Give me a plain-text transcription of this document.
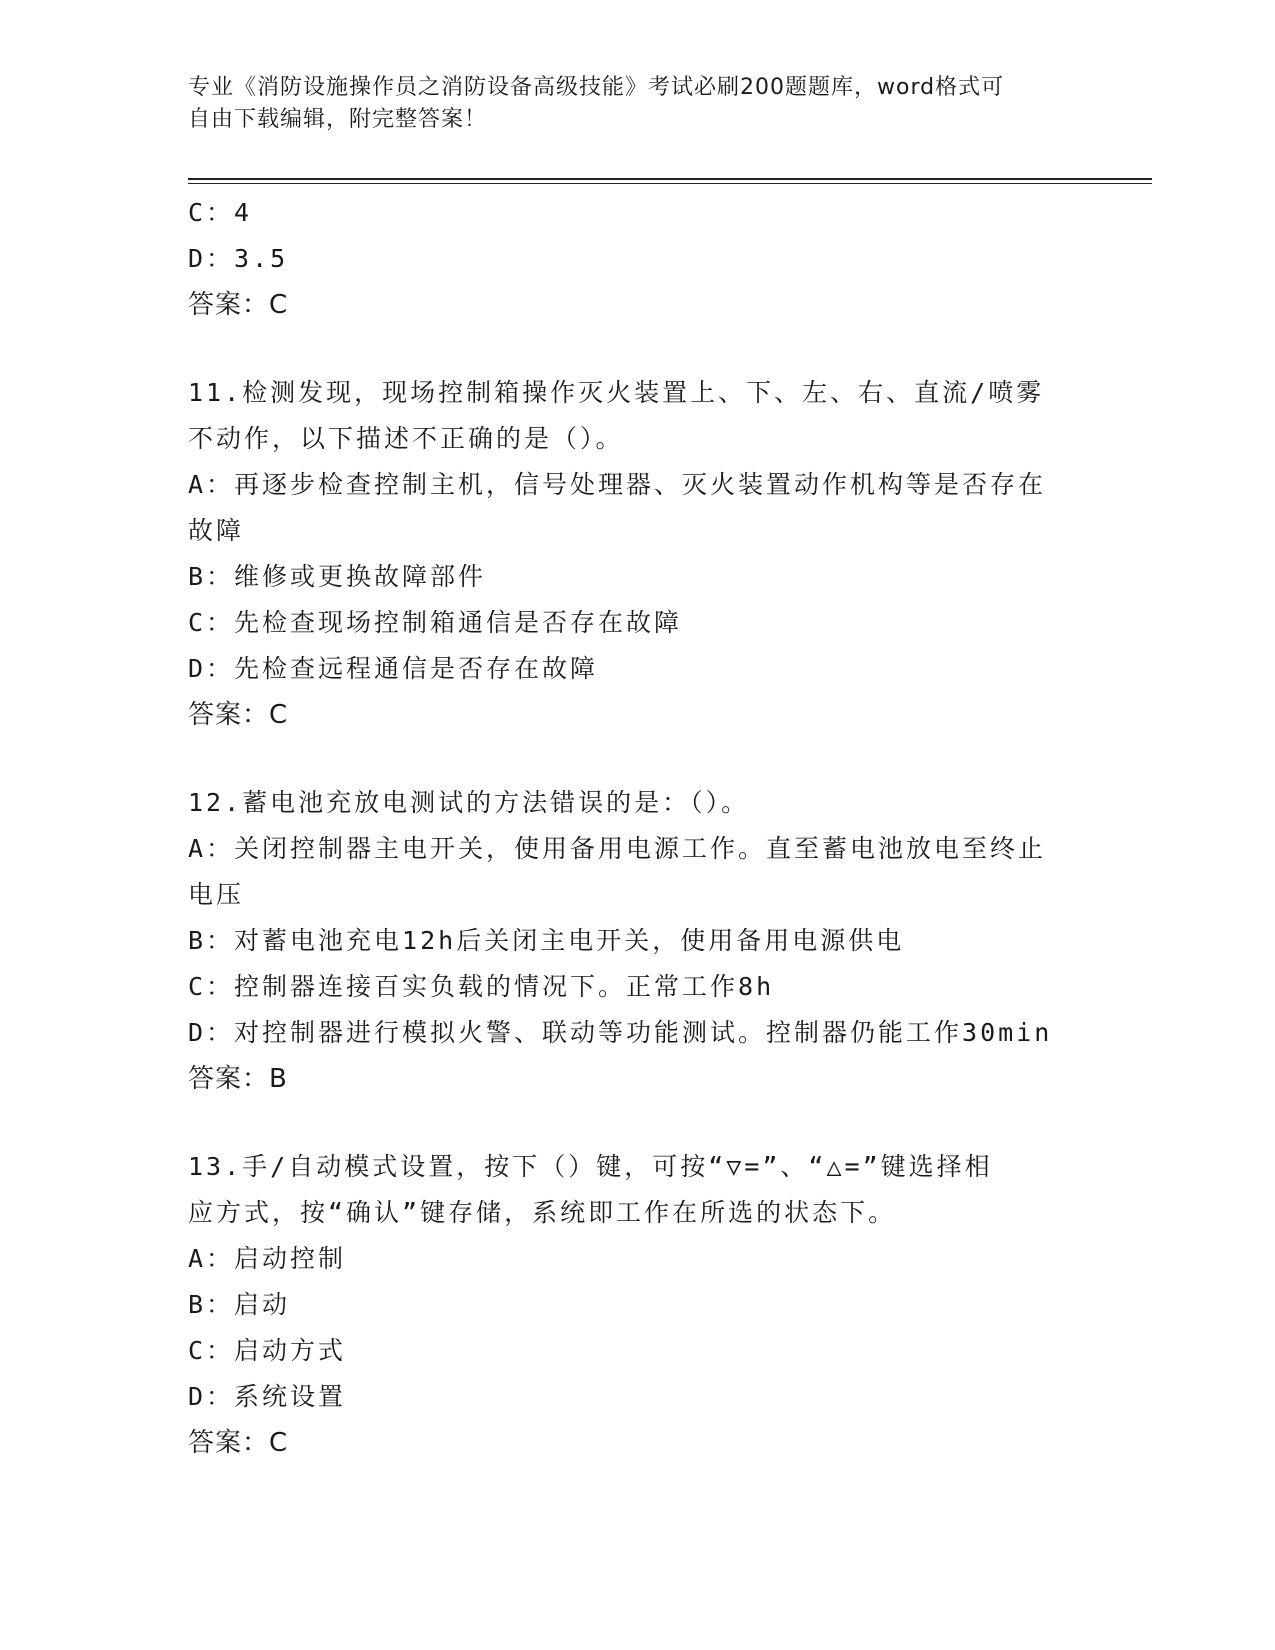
专业《消防设施操作员之消防设备高级技能》考试必刷200题题库，word格式可
自由下载编辑，附完整答案！
C：4
D：3.5
答案：C
11.检测发现，现场控制箱操作灭火装置上、下、左、右、直流/喷雾
不动作，以下描述不正确的是（）。
A：再逐步检查控制主机，信号处理器、灭火装置动作机构等是否存在
故障
B：维修或更换故障部件
C：先检查现场控制箱通信是否存在故障
D：先检查远程通信是否存在故障
答案：C
12.蓄电池充放电测试的方法错误的是：（）。
A：关闭控制器主电开关，使用备用电源工作。直至蓄电池放电至终止
电压
B：对蓄电池充电12h后关闭主电开关，使用备用电源供电
C：控制器连接百实负载的情况下。正常工作8h
D：对控制器进行模拟火警、联动等功能测试。控制器仍能工作30min
答案：B
13.手/自动模式设置，按下（）键，可按“▽=”、“△=”键选择相
应方式，按“确认”键存储，系统即工作在所选的状态下。
A：启动控制
B：启动
C：启动方式
D：系统设置
答案：C
